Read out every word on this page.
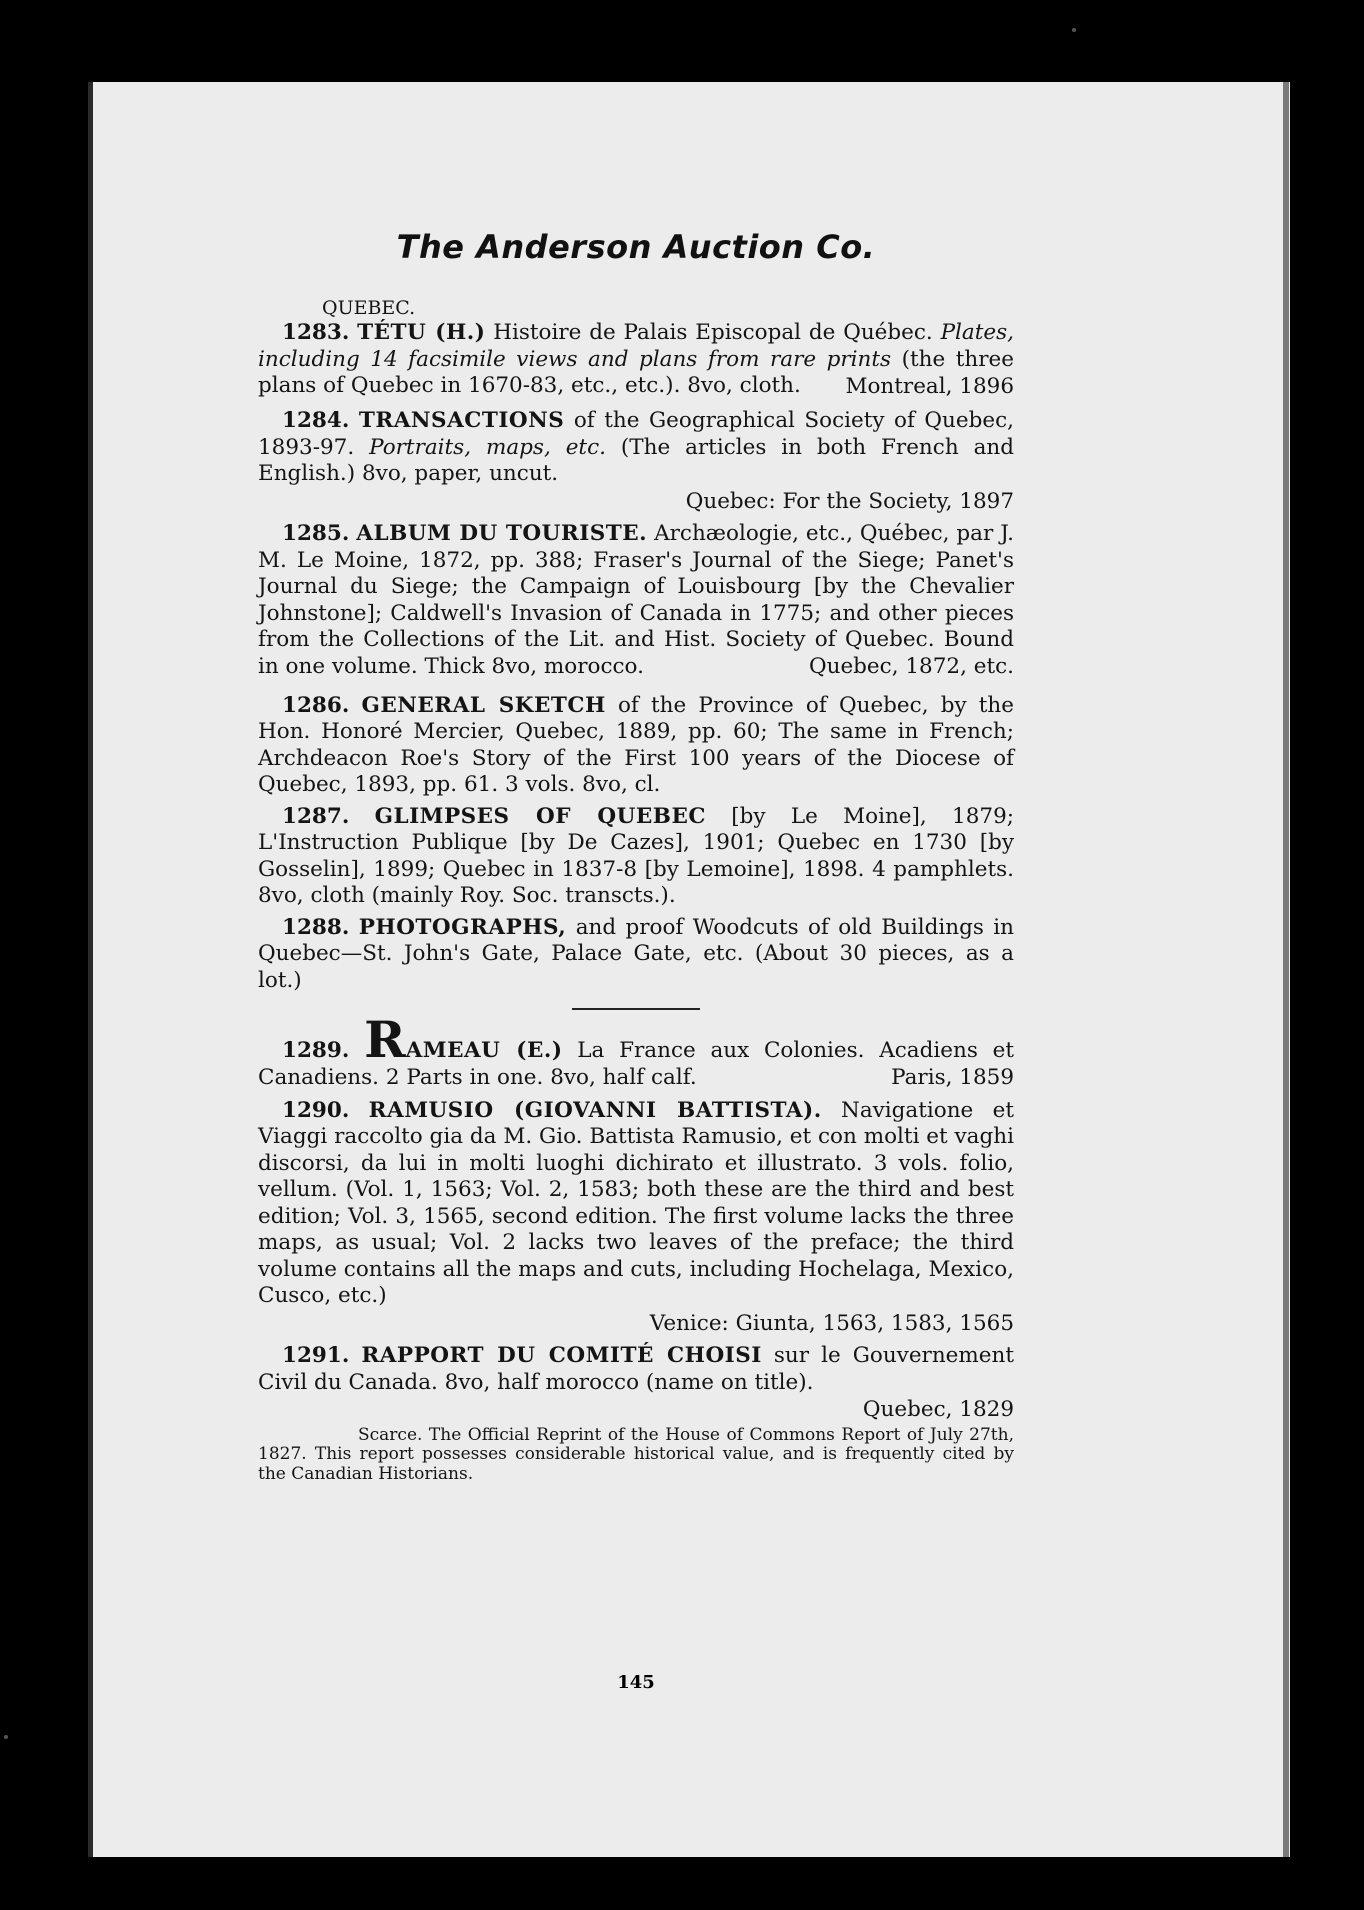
The Anderson Auction Co.
QUEBEC.

1283. TÉTU (H.) Histoire de Palais Episcopal de Québec. Plates, including 14 facsimile views and plans from rare prints (the three plans of Quebec in 1670-83, etc., etc.). 8vo, cloth.	Montreal, 1896

1284. TRANSACTIONS of the Geographical Society of Quebec, 1893-97. Portraits, maps, etc. (The articles in both French and English.) 8vo, paper, uncut.

Quebec: For the Society, 1897

1285. ALBUM DU TOURISTE. Archæologie, etc., Québec, par J. M. Le Moine, 1872, pp. 388; Fraser's Journal of the Siege; Panet's Journal du Siege; the Campaign of Louisbourg [by the Chevalier Johnstone]; Caldwell's Invasion of Canada in 1775; and other pieces from the Collections of the Lit. and Hist. Society of Quebec. Bound in one volume. Thick 8vo, morocco.	Quebec, 1872, etc.

1286. GENERAL SKETCH of the Province of Quebec, by the Hon. Honoré Mercier, Quebec, 1889, pp. 60; The same in French; Archdeacon Roe's Story of the First 100 years of the Diocese of Quebec, 1893, pp. 61. 3 vols. 8vo, cl.

1287. GLIMPSES OF QUEBEC [by Le Moine], 1879; L'Instruction Publique [by De Cazes], 1901; Quebec en 1730 [by Gosselin], 1899; Quebec in 1837-8 [by Lemoine], 1898. 4 pamphlets. 8vo, cloth (mainly Roy. Soc. transcts.).

1288. PHOTOGRAPHS, and proof Woodcuts of old Buildings in Quebec—St. John's Gate, Palace Gate, etc. (About 30 pieces, as a lot.)

1289. RAMEAU (E.) La France aux Colonies. Acadiens et Canadiens. 2 Parts in one. 8vo, half calf.	Paris, 1859

1290. RAMUSIO (GIOVANNI BATTISTA). Navigatione et Viaggi raccolto gia da M. Gio. Battista Ramusio, et con molti et vaghi discorsi, da lui in molti luoghi dichirato et illustrato. 3 vols. folio, vellum. (Vol. 1, 1563; Vol. 2, 1583; both these are the third and best edition; Vol. 3, 1565, second edition. The first volume lacks the three maps, as usual; Vol. 2 lacks two leaves of the preface; the third volume contains all the maps and cuts, including Hochelaga, Mexico, Cusco, etc.)

Venice: Giunta, 1563, 1583, 1565

1291. RAPPORT DU COMITÉ CHOISI sur le Gouvernement Civil du Canada. 8vo, half morocco (name on title).

Quebec, 1829

Scarce. The Official Reprint of the House of Commons Report of July 27th, 1827. This report possesses considerable historical value, and is frequently cited by the Canadian Historians.

145
